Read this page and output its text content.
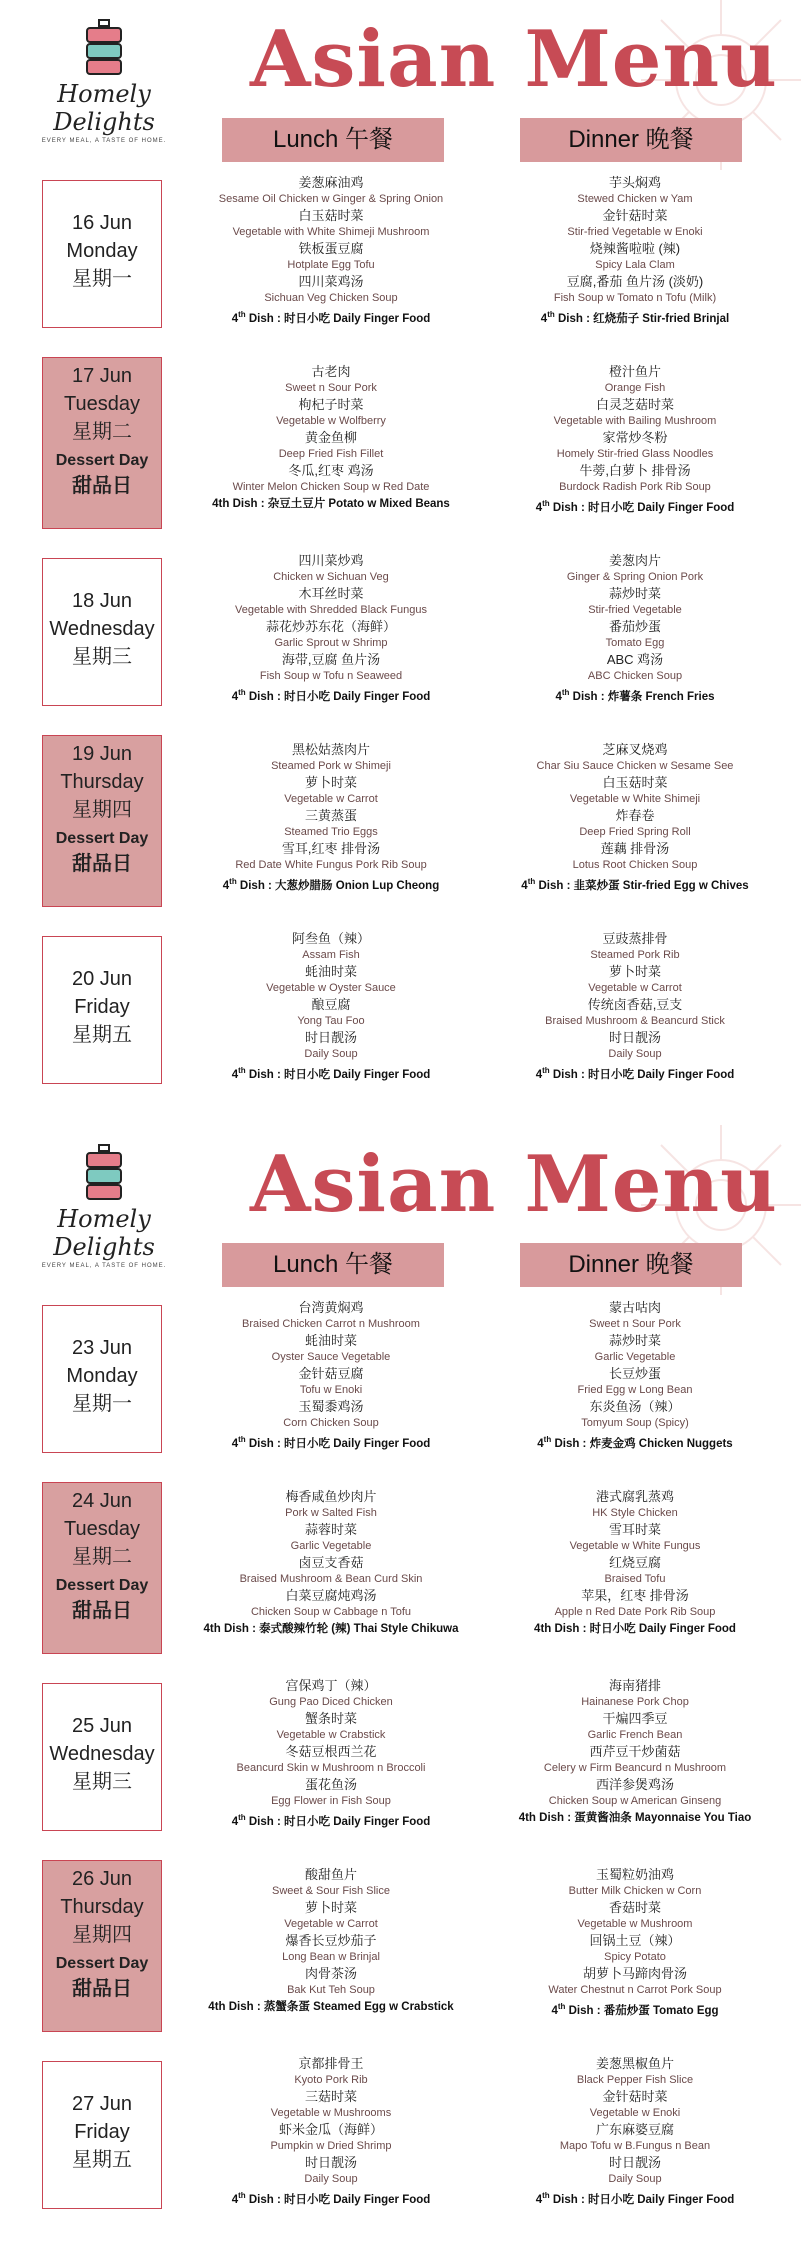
Homely Delights
EVERY MEAL, A TASTE OF HOME.
Asian Menu
Lunch 午餐	Dinner 晚餐
16 Jun
Monday
星期一
姜葱麻油鸡
Sesame Oil Chicken w Ginger & Spring Onion
白玉菇时菜
Vegetable with White Shimeji Mushroom
铁板蛋豆腐
Hotplate Egg Tofu
四川菜鸡汤
Sichuan Veg Chicken Soup
4th Dish : 时日小吃 Daily Finger Food
芋头焖鸡
Stewed Chicken w Yam
金针菇时菜
Stir-fried Vegetable w Enoki
烧辣酱啦啦 (辣)
Spicy Lala Clam
豆腐,番茄 鱼片汤 (淡奶)
Fish Soup w Tomato n Tofu (Milk)
4th Dish : 红烧茄子 Stir-fried Brinjal
17 Jun
Tuesday
星期二
Dessert Day
甜品日
古老肉
Sweet n Sour Pork
枸杞子时菜
Vegetable w Wolfberry
黄金鱼柳
Deep Fried Fish Fillet
冬瓜,红枣 鸡汤
Winter Melon Chicken Soup w Red Date
4th Dish : 杂豆土豆片 Potato w Mixed Beans
橙汁鱼片
Orange Fish
白灵芝菇时菜
Vegetable with Bailing Mushroom
家常炒冬粉
Homely Stir-fried Glass Noodles
牛蒡,白萝卜 排骨汤
Burdock Radish Pork Rib Soup
4th Dish : 时日小吃 Daily Finger Food
18 Jun
Wednesday
星期三
四川菜炒鸡
Chicken w Sichuan Veg
木耳丝时菜
Vegetable with Shredded Black Fungus
蒜花炒苏东花（海鲜）
Garlic Sprout w Shrimp
海带,豆腐 鱼片汤
Fish Soup w Tofu n Seaweed
4th Dish : 时日小吃 Daily Finger Food
姜葱肉片
Ginger & Spring Onion Pork
蒜炒时菜
Stir-fried Vegetable
番茄炒蛋
Tomato Egg
ABC 鸡汤
ABC Chicken Soup
4th Dish : 炸薯条 French Fries
19 Jun
Thursday
星期四
Dessert Day
甜品日
黑松姑蒸肉片
Steamed Pork w Shimeji
萝卜时菜
Vegetable w Carrot
三黄蒸蛋
Steamed Trio Eggs
雪耳,红枣 排骨汤
Red Date White Fungus Pork Rib Soup
4th Dish : 大葱炒腊肠 Onion Lup Cheong
芝麻叉烧鸡
Char Siu Sauce Chicken w Sesame See
白玉菇时菜
Vegetable w White Shimeji
炸春卷
Deep Fried Spring Roll
莲藕 排骨汤
Lotus Root Chicken Soup
4th Dish : 韭菜炒蛋 Stir-fried Egg w Chives
20 Jun
Friday
星期五
阿叁鱼（辣）
Assam Fish
蚝油时菜
Vegetable w Oyster Sauce
酿豆腐
Yong Tau Foo
时日靓汤
Daily Soup
4th Dish : 时日小吃 Daily Finger Food
豆豉蒸排骨
Steamed Pork Rib
萝卜时菜
Vegetable w Carrot
传统卤香菇,豆支
Braised Mushroom & Beancurd Stick
时日靓汤
Daily Soup
4th Dish : 时日小吃 Daily Finger Food
Homely Delights
EVERY MEAL, A TASTE OF HOME.
Asian Menu
Lunch 午餐	Dinner 晚餐
23 Jun
Monday
星期一
台湾黄焖鸡
Braised Chicken Carrot n Mushroom
蚝油时菜
Oyster Sauce Vegetable
金针菇豆腐
Tofu w Enoki
玉蜀黍鸡汤
Corn Chicken Soup
4th Dish : 时日小吃 Daily Finger Food
蒙古咕肉
Sweet n Sour Pork
蒜炒时菜
Garlic Vegetable
长豆炒蛋
Fried Egg w Long Bean
东炎鱼汤（辣）
Tomyum Soup (Spicy)
4th Dish : 炸麦金鸡 Chicken Nuggets
24 Jun
Tuesday
星期二
Dessert Day
甜品日
梅香咸鱼炒肉片
Pork w Salted Fish
蒜蓉时菜
Garlic Vegetable
卤豆支香菇
Braised Mushroom & Bean Curd Skin
白菜豆腐炖鸡汤
Chicken Soup w Cabbage n Tofu
4th Dish : 泰式酸辣竹轮 (辣) Thai Style Chikuwa
港式腐乳蒸鸡
HK Style Chicken
雪耳时菜
Vegetable w White Fungus
红烧豆腐
Braised Tofu
苹果，红枣 排骨汤
Apple n Red Date Pork Rib Soup
4th Dish : 时日小吃 Daily Finger Food
25 Jun
Wednesday
星期三
宫保鸡丁（辣）
Gung Pao Diced Chicken
蟹条时菜
Vegetable w Crabstick
冬菇豆根西兰花
Beancurd Skin w Mushroom n Broccoli
蛋花鱼汤
Egg Flower in Fish Soup
4th Dish : 时日小吃 Daily Finger Food
海南猪排
Hainanese Pork Chop
干煸四季豆
Garlic French Bean
西芹豆干炒菌菇
Celery w Firm Beancurd n Mushroom
西洋参煲鸡汤
Chicken Soup w American Ginseng
4th Dish : 蛋黄酱油条 Mayonnaise You Tiao
26 Jun
Thursday
星期四
Dessert Day
甜品日
酸甜鱼片
Sweet & Sour Fish Slice
萝卜时菜
Vegetable w Carrot
爆香长豆炒茄子
Long Bean w Brinjal
肉骨茶汤
Bak Kut Teh Soup
4th Dish : 蒸蟹条蛋 Steamed Egg w Crabstick
玉蜀粒奶油鸡
Butter Milk Chicken w Corn
香菇时菜
Vegetable w Mushroom
回锅土豆（辣）
Spicy Potato
胡萝卜马蹄肉骨汤
Water Chestnut n Carrot Pork Soup
4th Dish : 番茄炒蛋 Tomato Egg
27 Jun
Friday
星期五
京都排骨王
Kyoto Pork Rib
三菇时菜
Vegetable w Mushrooms
虾米金瓜（海鲜）
Pumpkin w Dried Shrimp
时日靓汤
Daily Soup
4th Dish : 时日小吃 Daily Finger Food
姜葱黑椒鱼片
Black Pepper Fish Slice
金针菇时菜
Vegetable w Enoki
广东麻婆豆腐
Mapo Tofu w B.Fungus n Bean
时日靓汤
Daily Soup
4th Dish : 时日小吃 Daily Finger Food
